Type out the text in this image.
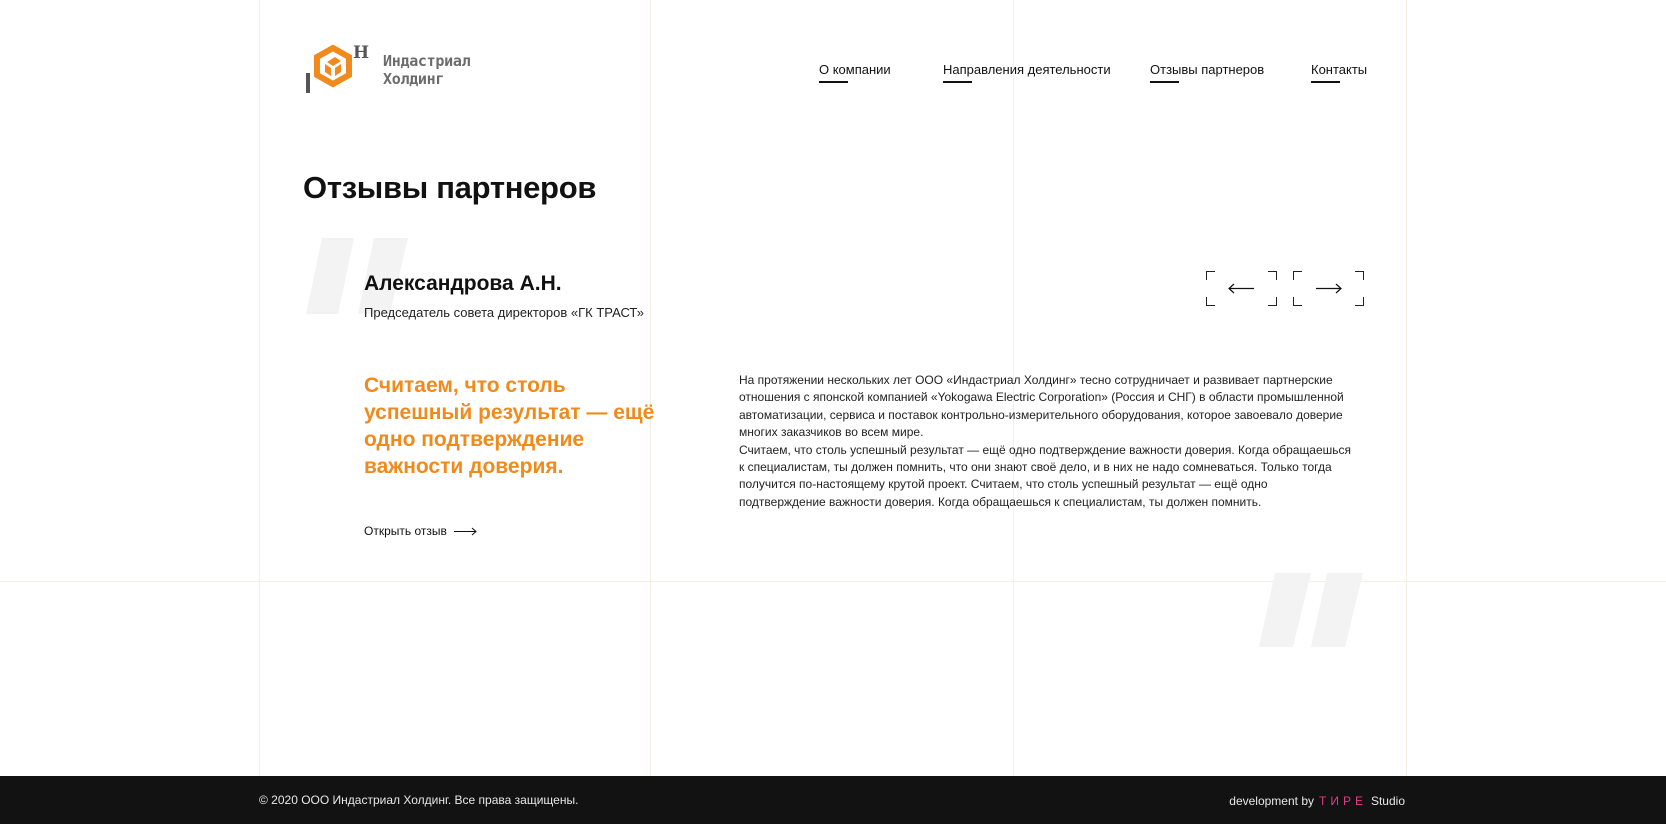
H Индастриал
Холдинг
О компании	Направления деятельности	Отзывы партнеров	Контакты
Отзывы партнеров
Александрова А.Н.
Председатель совета директоров «ГК ТРАСТ»
Считаем, что столь успешный результат — ещё одно подтверждение важности доверия.

На протяжении нескольких лет ООО «Индастриал Холдинг» тесно сотрудничает и развивает партнерские отношения с японской компанией «Yokogawa Electric Corporation» (Россия и СНГ) в области промышленной автоматизации, сервиса и поставок контрольно-измерительного оборудования, которое завоевало доверие многих заказчиков во всем мире.

Считаем, что столь успешный результат — ещё одно подтверждение важности доверия. Когда обращаешься к специалистам, ты должен помнить, что они знают своё дело, и в них не надо сомневаться. Только тогда получится по-настоящему крутой проект. Считаем, что столь успешный результат — ещё одно подтверждение важности доверия. Когда обращаешься к специалистам, ты должен помнить.

Открыть отзыв
© 2020 ООО Индастриал Холдинг. Все права защищены.	development by ТИРЕ Studio
